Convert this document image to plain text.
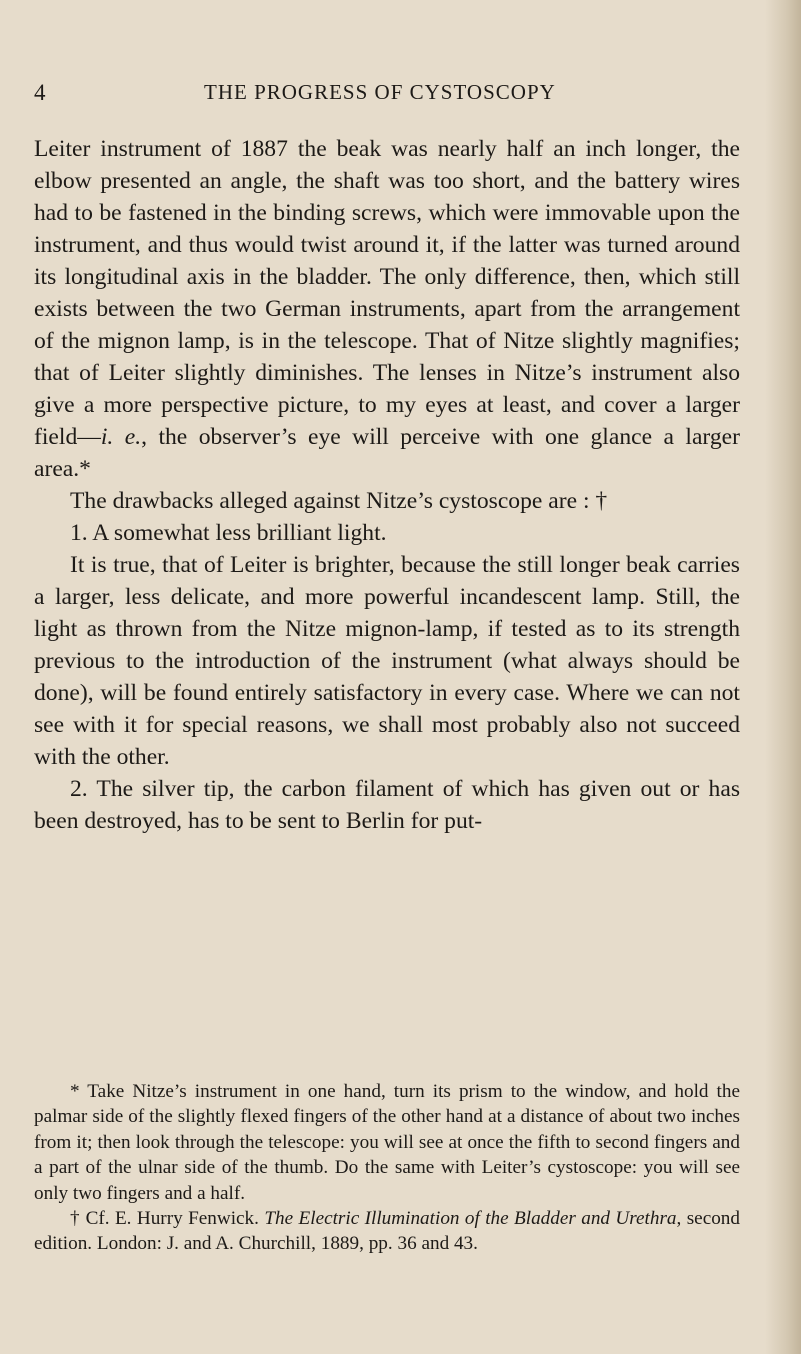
4	THE PROGRESS OF CYSTOSCOPY

Leiter instrument of 1887 the beak was nearly half an inch longer, the elbow presented an angle, the shaft was too short, and the battery wires had to be fastened in the binding screws, which were immovable upon the instrument, and thus would twist around it, if the latter was turned around its longitudinal axis in the bladder. The only difference, then, which still exists between the two German instruments, apart from the arrangement of the mignon lamp, is in the telescope. That of Nitze slightly magnifies; that of Leiter slightly diminishes. The lenses in Nitze’s instrument also give a more perspective picture, to my eyes at least, and cover a larger field—i. e., the observer’s eye will perceive with one glance a larger area.*

The drawbacks alleged against Nitze’s cystoscope are : †

1. A somewhat less brilliant light.

It is true, that of Leiter is brighter, because the still longer beak carries a larger, less delicate, and more powerful incandescent lamp. Still, the light as thrown from the Nitze mignon-lamp, if tested as to its strength previous to the introduction of the instrument (what always should be done), will be found entirely satisfactory in every case. Where we can not see with it for special reasons, we shall most probably also not succeed with the other.

2. The silver tip, the carbon filament of which has given out or has been destroyed, has to be sent to Berlin for put-

* Take Nitze’s instrument in one hand, turn its prism to the window, and hold the palmar side of the slightly flexed fingers of the other hand at a distance of about two inches from it; then look through the telescope: you will see at once the fifth to second fingers and a part of the ulnar side of the thumb. Do the same with Leiter’s cystoscope: you will see only two fingers and a half.

† Cf. E. Hurry Fenwick. The Electric Illumination of the Bladder and Urethra, second edition. London: J. and A. Churchill, 1889, pp. 36 and 43.
